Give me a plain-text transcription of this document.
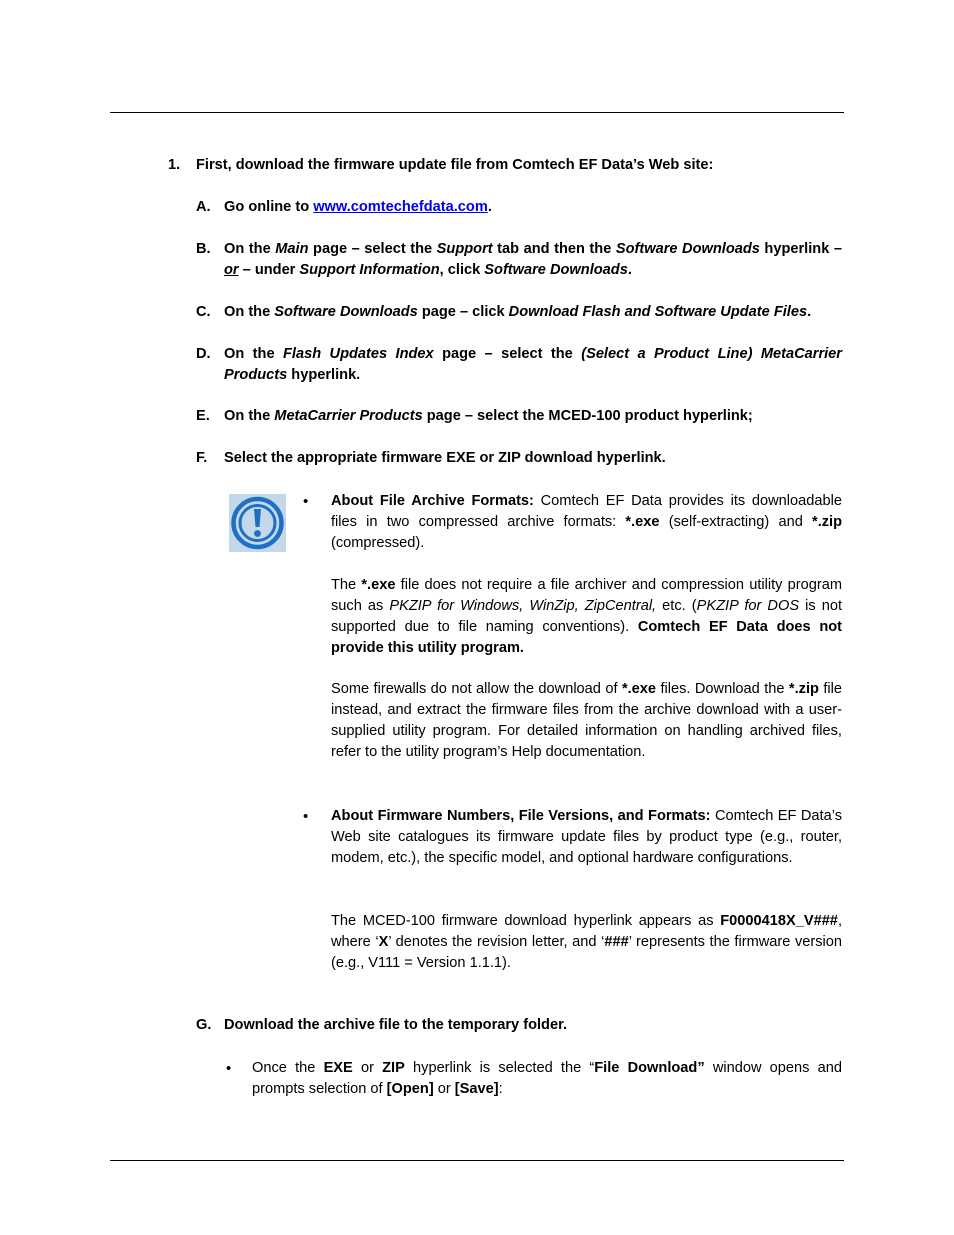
1. First, download the firmware update file from Comtech EF Data’s Web site:
A. Go online to www.comtechefdata.com.
B. On the Main page – select the Support tab and then the Software Downloads hyperlink – or – under Support Information, click Software Downloads.
C. On the Software Downloads page – click Download Flash and Software Update Files.
D. On the Flash Updates Index page – select the (Select a Product Line) MetaCarrier Products hyperlink.
E. On the MetaCarrier Products page – select the MCED-100 product hyperlink;
F. Select the appropriate firmware EXE or ZIP download hyperlink.
• About File Archive Formats: Comtech EF Data provides its downloadable files in two compressed archive formats: *.exe (self-extracting) and *.zip (compressed).
The *.exe file does not require a file archiver and compression utility program such as PKZIP for Windows, WinZip, ZipCentral, etc. (PKZIP for DOS is not supported due to file naming conventions). Comtech EF Data does not provide this utility program.
Some firewalls do not allow the download of *.exe files. Download the *.zip file instead, and extract the firmware files from the archive download with a user-supplied utility program. For detailed information on handling archived files, refer to the utility program’s Help documentation.
• About Firmware Numbers, File Versions, and Formats: Comtech EF Data’s Web site catalogues its firmware update files by product type (e.g., router, modem, etc.), the specific model, and optional hardware configurations.
The MCED-100 firmware download hyperlink appears as F0000418X_V###, where ‘X’ denotes the revision letter, and ‘###’ represents the firmware version (e.g., V111 = Version 1.1.1).
G. Download the archive file to the temporary folder.
• Once the EXE or ZIP hyperlink is selected the “File Download” window opens and prompts selection of [Open] or [Save]:
